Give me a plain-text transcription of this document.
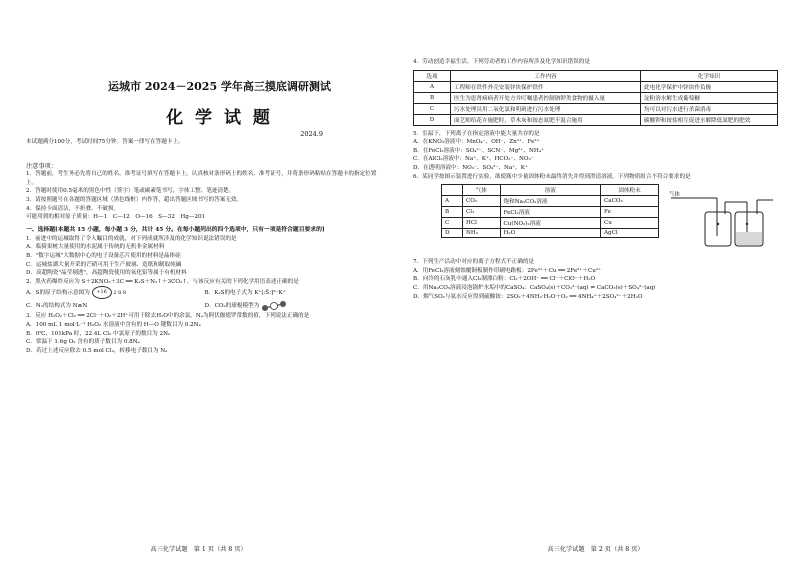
运城市 2024－2025 学年高三摸底调研测试
化 学 试 题
2024.9
本试题满分100分，考试时间75分钟。答案一律写在答题卡上。
注意事项：

1．答题前，考生务必先将自己的姓名、准考证号填写在答题卡上，认真核对条形码上的姓名、准考证号，并将条形码粘贴在答题卡的指定位置上。

2．答题时使用0.5毫米的黑色中性（签字）笔或碳素笔书写，字体工整、笔迹清楚。

3．请按照题号在各题的答题区域（黑色线框）内作答，超出答题区域书写的答案无效。

4．保持卡面清洁，不折叠，不破损。

可能用到的相对原子质量：H—1　C—12　O—16　S—32　Hg—201

一、选择题[本题共 15 小题，每小题 3 分，共计 45 分。在每小题列出的四个选项中，只有一项是符合题目要求的]

1．前进中的运城取得了令人瞩目的成就，对下列成就所涉及的化学知识说法错误的是

A．临猗果树大量使用的水泥属于传统的无机非金属材料

B．"数字运城"大数据中心的电子设备芯片使用的材料是晶体硅

C．运城盐湖大量开采的芒硝可用于生产玻璃、造纸和制取纯碱

D．高超陶瓷"晶莹剔透"，高超陶瓷使用的氧化铝等属于有机材料

2．黑火药爆炸反应为 S＋2KNO₃＋3C ══ K₂S＋N₂↑＋3CO₂↑。与该反应有关的下列化学用语表述正确的是

A．S的原子结构示意图为 +16 2 8 8	B．K₂S的电子式为 K⁺[:S̈:]²⁻K⁺
C．N₂的结构式为 N≡N	D．CO₂的球棍模型为

3．反应 H₂O₂＋Cl₂ ══ 2Cl⁻＋O₂＋2H⁺可用于除去H₂O中的余氯。Nₐ为阿伏伽德罗常数的值，下列说法正确的是

A．100 mL 1 mol·L⁻¹ H₂O₂ 水溶液中含有的 H—O 键数目为 0.2Nₐ

B．0℃、101kPa 时，22.4L Cl₂ 中氯原子的数目为 2Nₐ

C．常温下 1.6g O₂ 含有的质子数目为 0.8Nₐ

D．若过上述反应除去 0.5 mol Cl₂，转移电子数目为 Nₐ

高三化学试题　第 1 页（共 8 页）

4．劳动创造幸福生活。下列劳动者的工作内容所涉及化学知识错误的是

选项	工作内容	化学知识
A	工程师在铁件外壳安装锌块保护铁件	此电化学保护中锌块作负极
B	医生为患肾病病者开处方并叮嘱患者控制钠钾类食物的摄入量	淀粉溶水解生成葡萄糖
C	污水处理员用二氧化氯和明矾进行污水处理	均可以对污水进行杀菌消毒
D	面艺师给花卉施肥时，草木灰和铵态氮肥不混合施用	碳酸钾和铵盐相互促进水解降低氮肥的肥效

5．室温下，下列离子在指定溶液中能大量共存的是

A．在KNO₃溶液中：MnO₄⁻、OH⁻、Zn²⁺、Fe²⁺

B．在FeCl₃溶液中：SO₄²⁻、SCN⁻、Mg²⁺、NH₄⁺

C．在AlCl₃溶液中：Na⁺、K⁺、HCO₃⁻、NO₃⁻

D．在透明溶液中：NO₃⁻、SO₄²⁻、Na⁺、K⁺

6．某同学按图示装置进行实验，欲使瓶中少量固体粉末最终消失并得到澄清溶液。下列物质组合不符合要求的是

	气体	溶液	固体粉末
A	CO₂	饱和Na₂CO₃溶液	CaCO₃
B	Cl₂	FeCl₂溶液	Fe
C	HCl	Cu(NO₃)₂溶液	Cu
D	NH₃	H₂O	AgCl
气体

7．下列生产活动中对应的离子方程式不正确的是

A．用FeCl₃溶液刻蚀覆铜板制作印刷电路板：2Fe³⁺＋Cu ══ 2Fe²⁺＋Cu²⁺

B．向冷的石灰乳中通入Cl₂制漂白粉：Cl₂＋2OH⁻ ══ Cl⁻＋ClO⁻＋H₂O

C．用Na₂CO₃溶液浸泡锅炉水垢中的CaSO₄：CaSO₄(s)＋CO₃²⁻(aq) ⇌ CaCO₃(s)＋SO₄²⁻(aq)

D．烟气SO₂与氨水反应得到硫酸铵：2SO₂＋4NH₃·H₂O＋O₂ ══ 4NH₄⁺＋2SO₄²⁻＋2H₂O

高三化学试题　第 2 页（共 8 页）
